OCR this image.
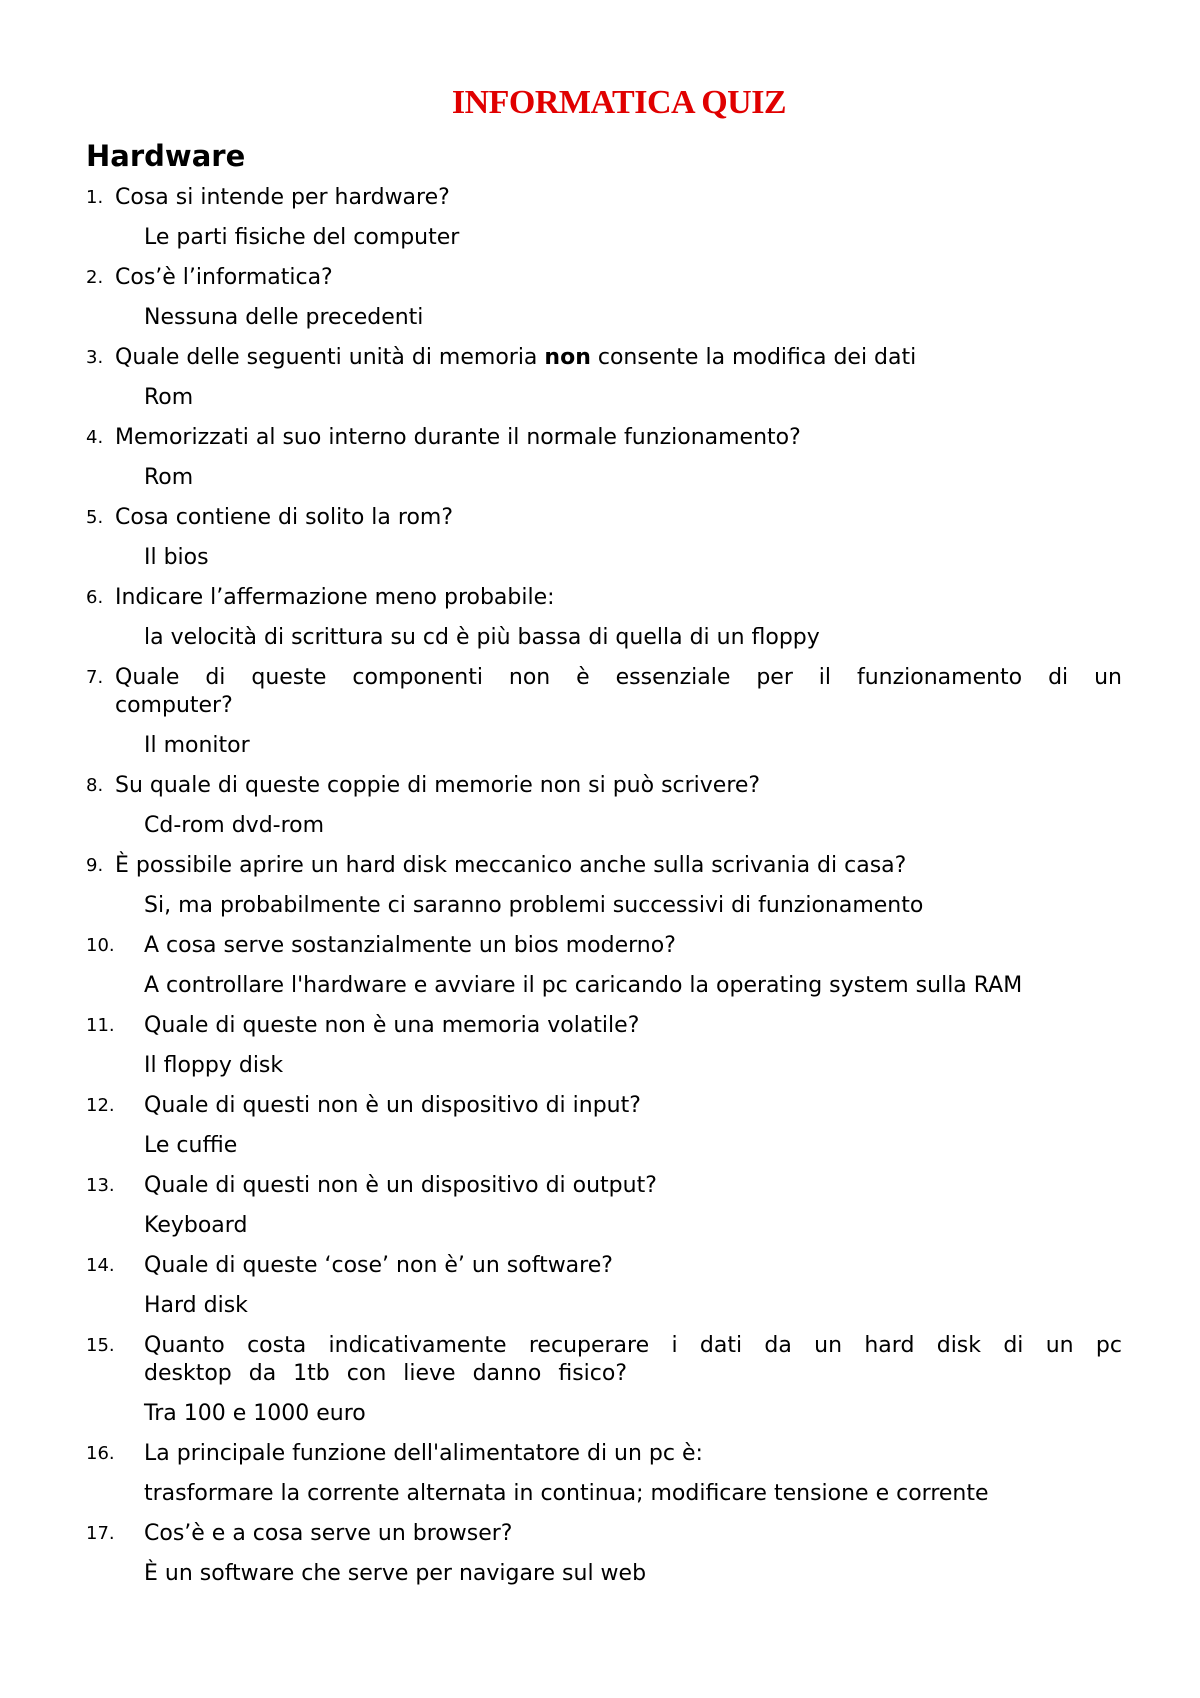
INFORMATICA QUIZ
Hardware
1. Cosa si intende per hardware?
Le parti fisiche del computer
2. Cos’è l’informatica?
Nessuna delle precedenti
3. Quale delle seguenti unità di memoria non consente la modifica dei dati
Rom
4. Memorizzati al suo interno durante il normale funzionamento?
Rom
5. Cosa contiene di solito la rom?
Il bios
6. Indicare l’affermazione meno probabile:
la velocità di scrittura su cd è più bassa di quella di un floppy
7. Quale di queste componenti non è essenziale per il funzionamento di un computer?
Il monitor
8. Su quale di queste coppie di memorie non si può scrivere?
Cd-rom dvd-rom
9. È possibile aprire un hard disk meccanico anche sulla scrivania di casa?
Si, ma probabilmente ci saranno problemi successivi di funzionamento
10.	A cosa serve sostanzialmente un bios moderno?
A controllare l'hardware e avviare il pc caricando la operating system sulla RAM
11.	Quale di queste non è una memoria volatile?
Il floppy disk
12.	Quale di questi non è un dispositivo di input?
Le cuffie
13.	Quale di questi non è un dispositivo di output?
Keyboard
14.	Quale di queste ‘cose’ non è’ un software?
Hard disk
15.	Quanto costa indicativamente recuperare i dati da un hard disk di un pc desktop da 1tb con lieve danno fisico?
Tra 100 e 1000 euro
16.	La principale funzione dell'alimentatore di un pc è:
trasformare la corrente alternata in continua; modificare tensione e corrente
17.	Cos’è e a cosa serve un browser?
È un software che serve per navigare sul web
